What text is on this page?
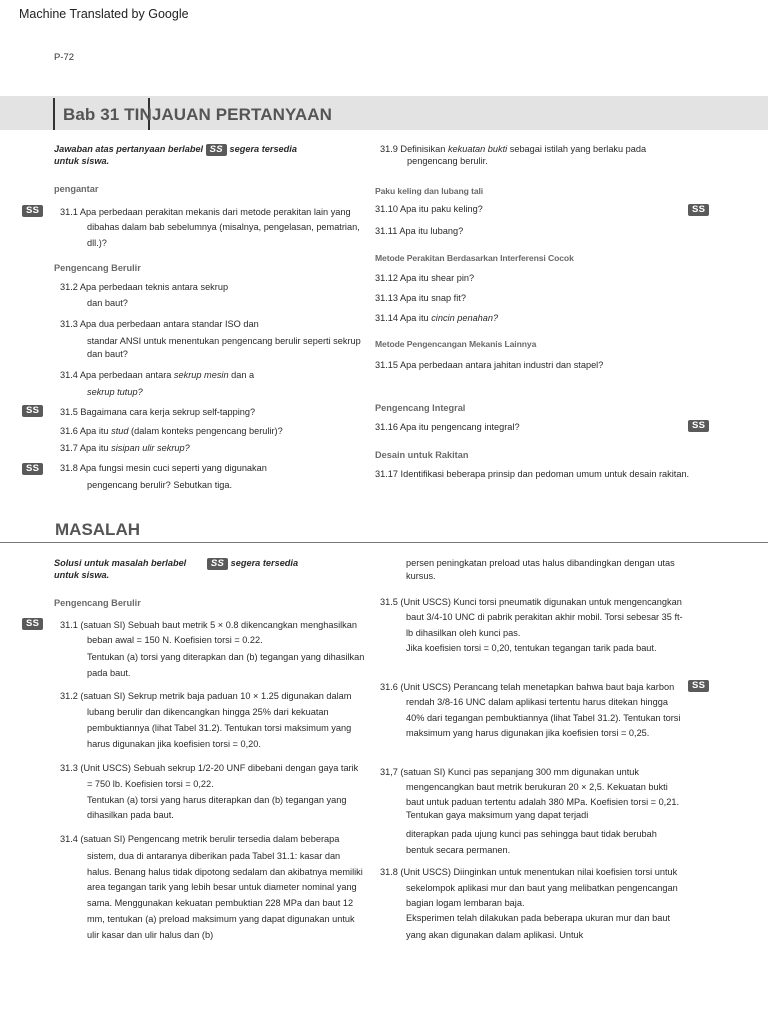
Machine Translated by Google
P-72
Bab 31 TINJAUAN PERTANYAAN
Jawaban atas pertanyaan berlabel SS segera tersedia
untuk siswa.
pengantar
SS	31.1 Apa perbedaan perakitan mekanis dari metode perakitan lain yang
dibahas dalam bab sebelumnya (misalnya, pengelasan, pematrian,
dll.)?
Pengencang Berulir
31.2 Apa perbedaan teknis antara sekrup
dan baut?
31.3 Apa dua perbedaan antara standar ISO dan
standar ANSI untuk menentukan pengencang berulir seperti sekrup
dan baut?
31.4 Apa perbedaan antara sekrup mesin dan a
sekrup tutup?
SS	31.5 Bagaimana cara kerja sekrup self-tapping?
31.6 Apa itu stud (dalam konteks pengencang berulir)?
31.7 Apa itu sisipan ulir sekrup?
SS	31.8 Apa fungsi mesin cuci seperti yang digunakan
pengencang berulir? Sebutkan tiga.
31.9 Definisikan kekuatan bukti sebagai istilah yang berlaku pada
pengencang berulir.
Paku keling dan lubang tali
31.10 Apa itu paku keling?	SS
31.11 Apa itu lubang?
Metode Perakitan Berdasarkan Interferensi Cocok
31.12 Apa itu shear pin?
31.13 Apa itu snap fit?
31.14 Apa itu cincin penahan?
Metode Pengencangan Mekanis Lainnya
31.15 Apa perbedaan antara jahitan industri dan stapel?
Pengencang Integral
31.16 Apa itu pengencang integral?	SS
Desain untuk Rakitan
31.17 Identifikasi beberapa prinsip dan pedoman umum untuk desain rakitan.
MASALAH
Solusi untuk masalah berlabel	SS segera tersedia
untuk siswa.
Pengencang Berulir
SS	31.1 (satuan SI) Sebuah baut metrik 5 × 0.8 dikencangkan menghasilkan
beban awal = 150 N. Koefisien torsi = 0.22.
Tentukan (a) torsi yang diterapkan dan (b) tegangan yang dihasilkan
pada baut.
31.2 (satuan SI) Sekrup metrik baja paduan 10 × 1.25 digunakan dalam
lubang berulir dan dikencangkan hingga 25% dari kekuatan
pembuktiannya (lihat Tabel 31.2). Tentukan torsi maksimum yang
harus digunakan jika koefisien torsi = 0,20.
31.3 (Unit USCS) Sebuah sekrup 1/2-20 UNF dibebani dengan gaya tarik
= 750 lb. Koefisien torsi = 0,22.
Tentukan (a) torsi yang harus diterapkan dan (b) tegangan yang
dihasilkan pada baut.
31.4 (satuan SI) Pengencang metrik berulir tersedia dalam beberapa
sistem, dua di antaranya diberikan pada Tabel 31.1: kasar dan
halus. Benang halus tidak dipotong sedalam dan akibatnya memiliki
area tegangan tarik yang lebih besar untuk diameter nominal yang
sama. Menggunakan kekuatan pembuktian 228 MPa dan baut 12
mm, tentukan (a) preload maksimum yang dapat digunakan untuk
ulir kasar dan ulir halus dan (b)
persen peningkatan preload utas halus dibandingkan dengan utas
kursus.
31.5 (Unit USCS) Kunci torsi pneumatik digunakan untuk mengencangkan
baut 3/4-10 UNC di pabrik perakitan akhir mobil. Torsi sebesar 35 ft-
lb dihasilkan oleh kunci pas.
Jika koefisien torsi = 0,20, tentukan tegangan tarik pada baut.
31.6 (Unit USCS) Perancang telah menetapkan bahwa baut baja karbon	SS
rendah 3/8-16 UNC dalam aplikasi tertentu harus ditekan hingga
40% dari tegangan pembuktiannya (lihat Tabel 31.2). Tentukan torsi
maksimum yang harus digunakan jika koefisien torsi = 0,25.
31,7 (satuan SI) Kunci pas sepanjang 300 mm digunakan untuk
mengencangkan baut metrik berukuran 20 × 2,5. Kekuatan bukti
baut untuk paduan tertentu adalah 380 MPa. Koefisien torsi = 0,21.
Tentukan gaya maksimum yang dapat terjadi
diterapkan pada ujung kunci pas sehingga baut tidak berubah
bentuk secara permanen.
31.8 (Unit USCS) Diinginkan untuk menentukan nilai koefisien torsi untuk
sekelompok aplikasi mur dan baut yang melibatkan pengencangan
bagian logam lembaran baja.
Eksperimen telah dilakukan pada beberapa ukuran mur dan baut
yang akan digunakan dalam aplikasi. Untuk
